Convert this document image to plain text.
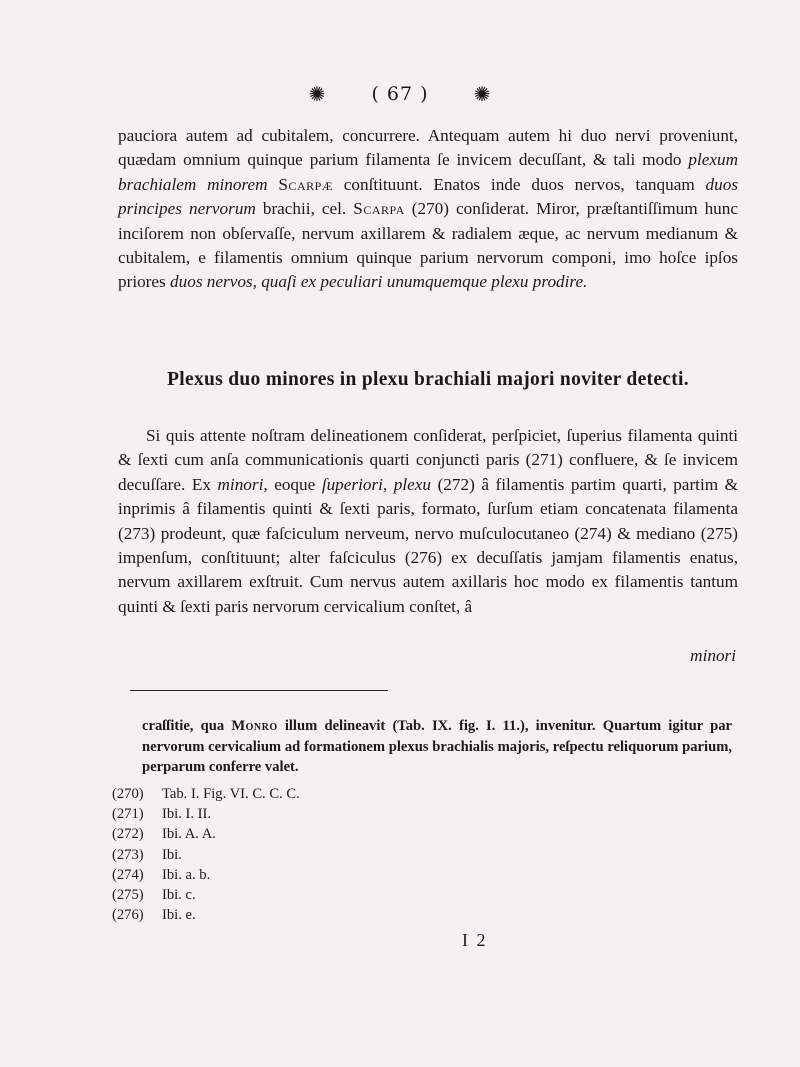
✺ ( 67 ) ✺
pauciora autem ad cubitalem, concurrere. Antequam autem hi duo nervi proveniunt, quædam omnium quinque parium filamenta ſe invicem decuſſant, & tali modo plexum brachialem minorem Scarpæ conſtituunt. Enatos inde duos nervos, tanquam duos principes nervorum brachii, cel. Scarpa (270) conſiderat. Miror, præſtantiſſimum hunc inciſorem non obſervaſſe, nervum axillarem & radialem æque, ac nervum medianum & cubitalem, e filamentis omnium quinque parium nervorum componi, imo hoſce ipſos priores duos nervos, quaſi ex peculiari unumquemque plexu prodire.
Plexus duo minores in plexu brachiali majori noviter deteсti.
Si quis attente noſtram delineationem conſiderat, perſpiciet, ſuperius filamenta quinti & ſexti cum anſa communicationis quarti conjunсti paris (271) confluere, & ſe invicem decuſſare. Ex minori, eoque ſuperiori, plexu (272) â filamentis partim quarti, partim & inprimis â filamentis quinti & ſexti paris, formato, ſurſum etiam concatenata filamenta (273) prodeunt, quæ faſciculum nerveum, nervo muſculocutaneo (274) & mediano (275) impenſum, conſtituunt; alter faſciculus (276) ex decuſſatis jamjam filamentis enatus, nervum axillarem exſtruit. Cum nervus autem axillaris hoc modo ex filamentis tantum quinti & ſexti paris nervorum cervicalium conſtet, â
minori
craſſitie, qua Monro illum delineavit (Tab. IX. fig. I. 11.), invenitur. Quartum igitur par nervorum cervicalium ad formationem plexus brachialis majoris, reſpeсtu reliquorum parium, perparum conferre valet.
(270)	Tab. I. Fig. VI. C. C. C.
(271)	Ibi. I. II.
(272)	Ibi. A. A.
(273)	Ibi.
(274)	Ibi. a. b.
(275)	Ibi. c.
(276)	Ibi. e.
I 2
